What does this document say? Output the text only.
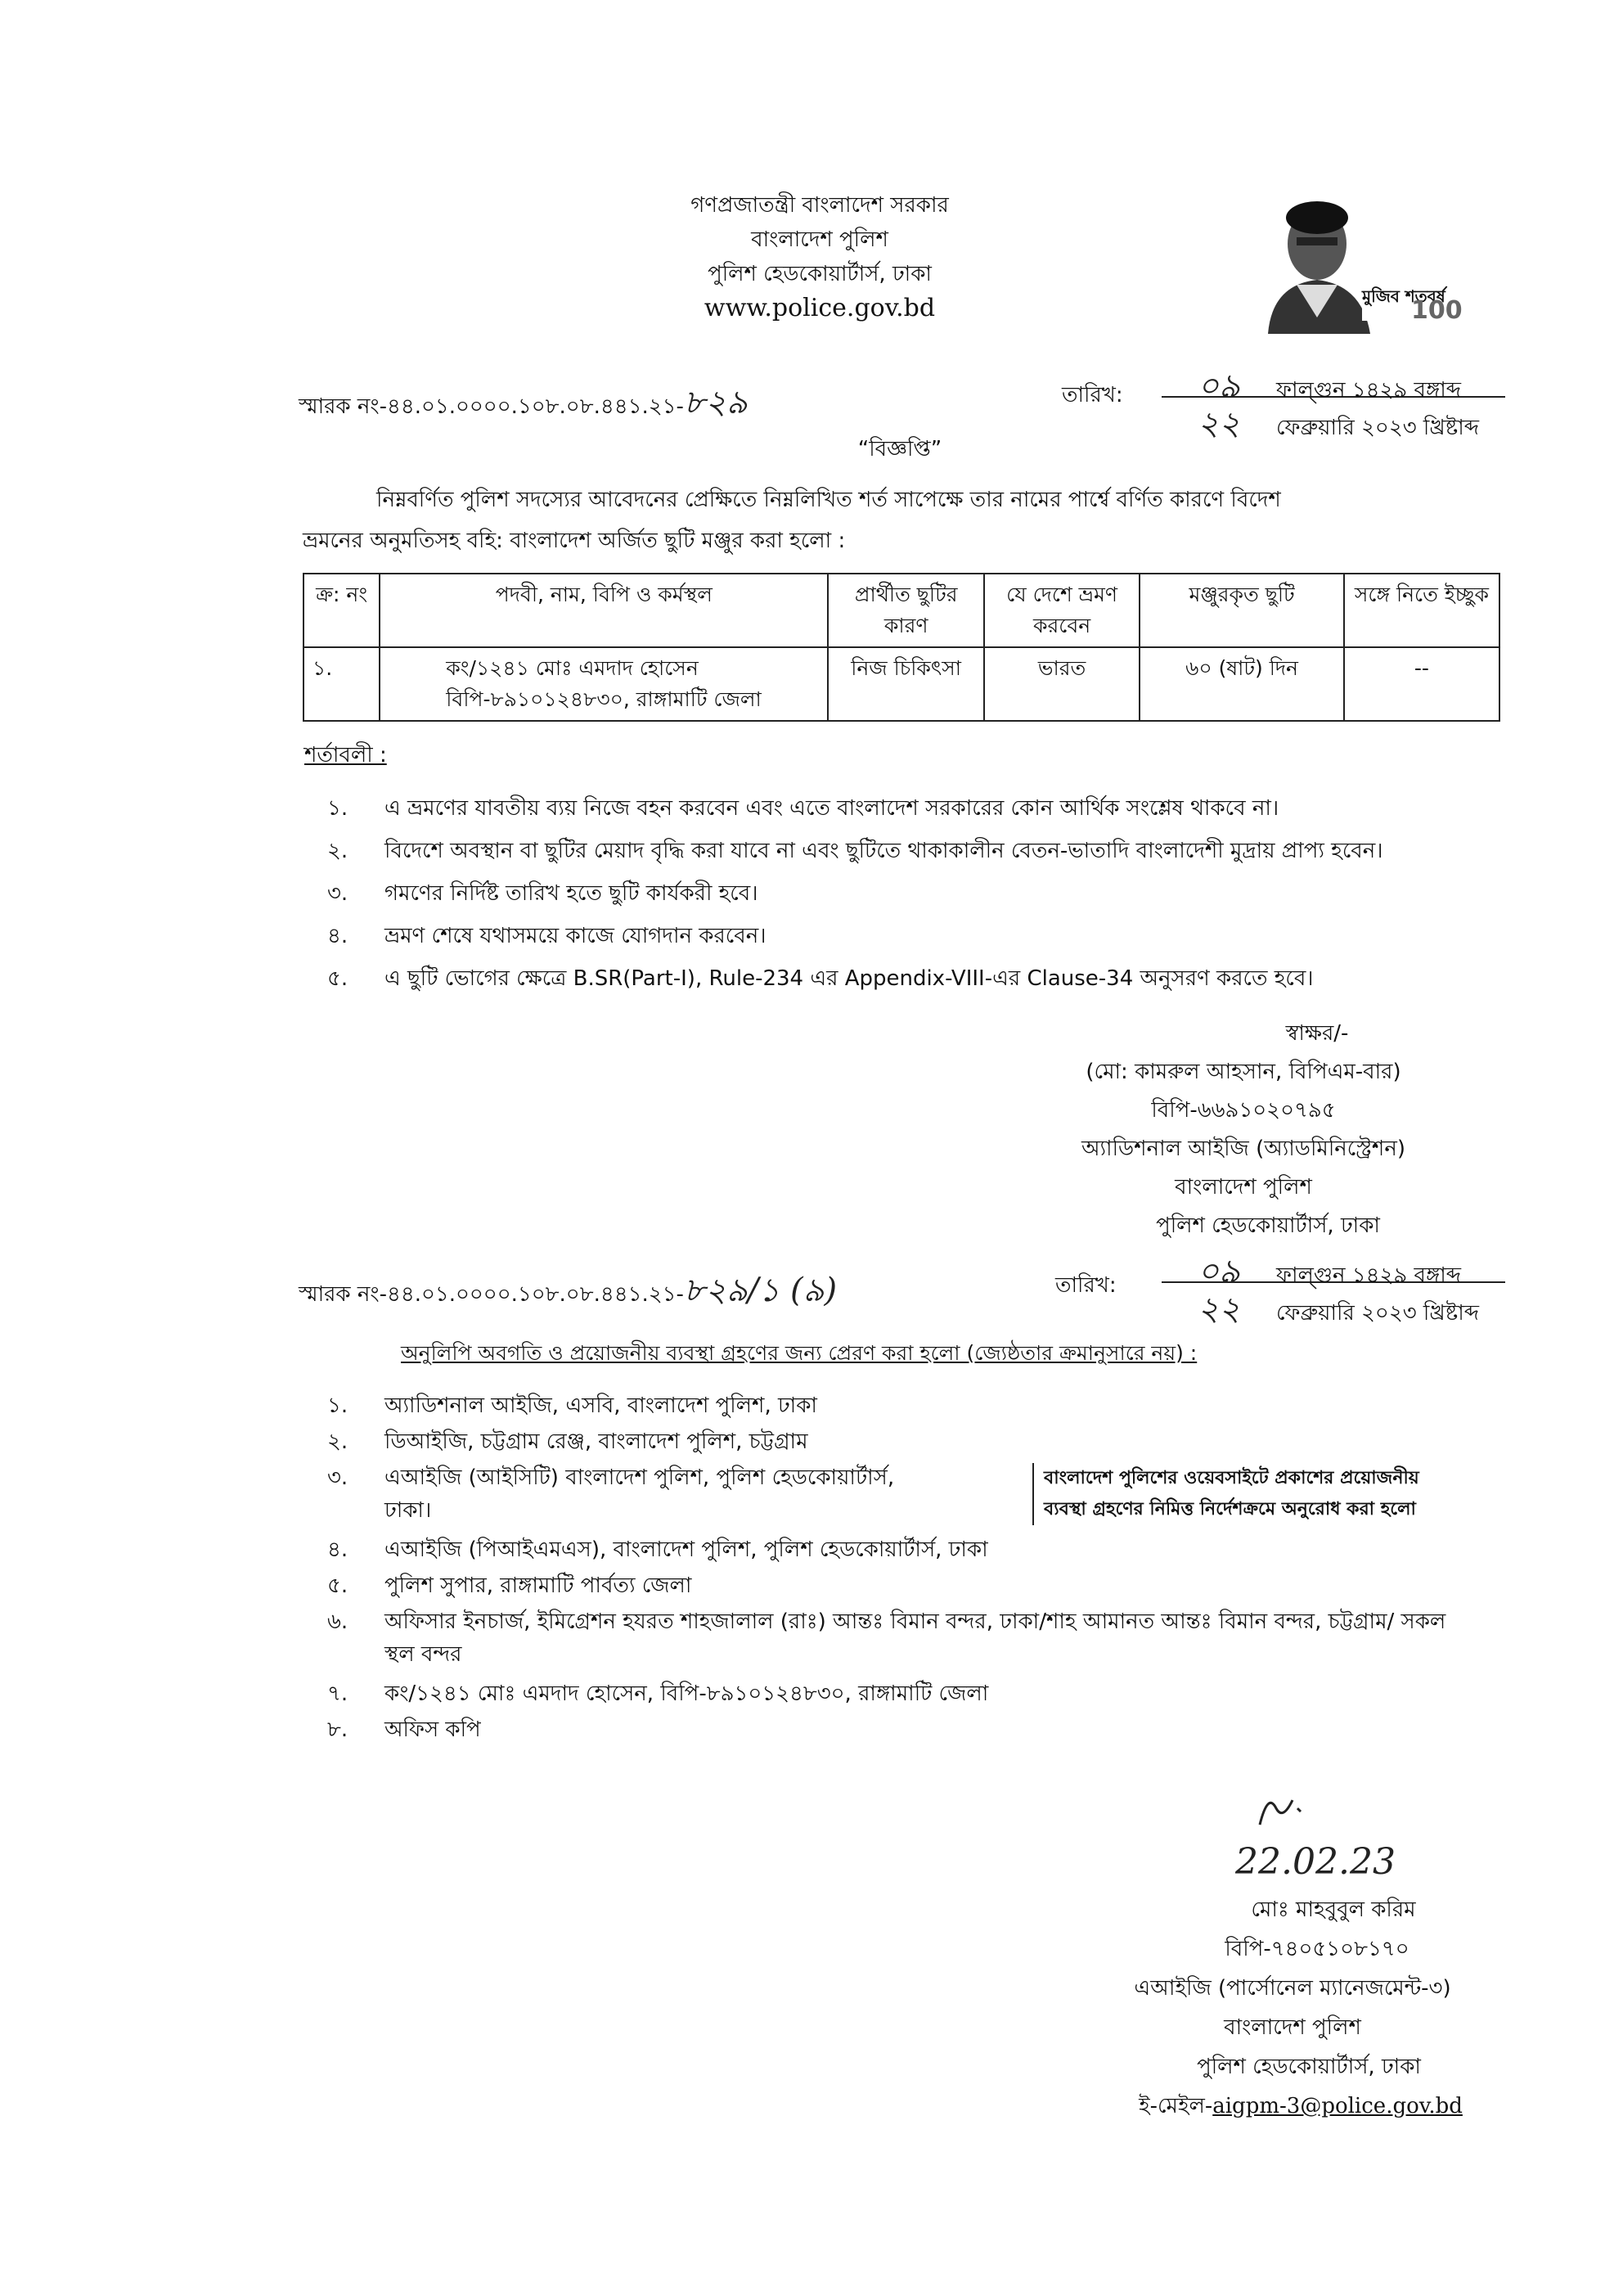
গণপ্রজাতন্ত্রী বাংলাদেশ সরকার
বাংলাদেশ পুলিশ
পুলিশ হেডকোয়ার্টার্স, ঢাকা
www.police.gov.bd	মুজিব শতবর্ষ
100
স্মারক নং-৪৪.০১.০০০০.১০৮.০৮.৪৪১.২১-৮২৯	তারিখ:	০৯ ফাল্গুন ১৪২৯ বঙ্গাব্দ
২২ ফেব্রুয়ারি ২০২৩ খ্রিষ্টাব্দ
“বিজ্ঞপ্তি”
নিম্নবর্ণিত পুলিশ সদস্যের আবেদনের প্রেক্ষিতে নিম্নলিখিত শর্ত সাপেক্ষে তার নামের পার্শ্বে বর্ণিত কারণে বিদেশ
ভ্রমনের অনুমতিসহ বহি: বাংলাদেশ অর্জিত ছুটি মঞ্জুর করা হলো :
ক্র: নং	পদবী, নাম, বিপি ও কর্মস্থল	প্রার্থীত ছুটির কারণ	যে দেশে ভ্রমণ করবেন	মঞ্জুরকৃত ছুটি	সঙ্গে নিতে ইচ্ছুক
১.	কং/১২৪১ মোঃ এমদাদ হোসেন
বিপি-৮৯১০১২৪৮৩০, রাঙ্গামাটি জেলা	নিজ চিকিৎসা	ভারত	৬০ (ষাট) দিন	--
শর্তাবলী :
১. এ ভ্রমণের যাবতীয় ব্যয় নিজে বহন করবেন এবং এতে বাংলাদেশ সরকারের কোন আর্থিক সংশ্লেষ থাকবে না।
২. বিদেশে অবস্থান বা ছুটির মেয়াদ বৃদ্ধি করা যাবে না এবং ছুটিতে থাকাকালীন বেতন-ভাতাদি বাংলাদেশী মুদ্রায় প্রাপ্য হবেন।
৩. গমণের নির্দিষ্ট তারিখ হতে ছুটি কার্যকরী হবে।
৪. ভ্রমণ শেষে যথাসময়ে কাজে যোগদান করবেন।
৫. এ ছুটি ভোগের ক্ষেত্রে B.SR(Part-I), Rule-234 এর Appendix-VIII-এর Clause-34 অনুসরণ করতে হবে।
স্বাক্ষর/-
(মো: কামরুল আহসান, বিপিএম-বার)
বিপি-৬৬৯১০২০৭৯৫
অ্যাডিশনাল আইজি (অ্যাডমিনিস্ট্রেশন)
বাংলাদেশ পুলিশ
পুলিশ হেডকোয়ার্টার্স, ঢাকা
স্মারক নং-৪৪.০১.০০০০.১০৮.০৮.৪৪১.২১-৮২৯/১ (৯)	তারিখ:	০৯ ফাল্গুন ১৪২৯ বঙ্গাব্দ
২২ ফেব্রুয়ারি ২০২৩ খ্রিষ্টাব্দ
অনুলিপি অবগতি ও প্রয়োজনীয় ব্যবস্থা গ্রহণের জন্য প্রেরণ করা হলো (জ্যেষ্ঠতার ক্রমানুসারে নয়) :
১. অ্যাডিশনাল আইজি, এসবি, বাংলাদেশ পুলিশ, ঢাকা
২. ডিআইজি, চট্টগ্রাম রেঞ্জ, বাংলাদেশ পুলিশ, চট্টগ্রাম
৩. এআইজি (আইসিটি) বাংলাদেশ পুলিশ, পুলিশ হেডকোয়ার্টার্স,
ঢাকা।
৪. এআইজি (পিআইএমএস), বাংলাদেশ পুলিশ, পুলিশ হেডকোয়ার্টার্স, ঢাকা
৫. পুলিশ সুপার, রাঙ্গামাটি পার্বত্য জেলা
৬. অফিসার ইনচার্জ, ইমিগ্রেশন হযরত শাহজালাল (রাঃ) আন্তঃ বিমান বন্দর, ঢাকা/শাহ আমানত আন্তঃ বিমান বন্দর, চট্টগ্রাম/ সকল
স্থল বন্দর
৭. কং/১২৪১ মোঃ এমদাদ হোসেন, বিপি-৮৯১০১২৪৮৩০, রাঙ্গামাটি জেলা
৮. অফিস কপি
বাংলাদেশ পুলিশের ওয়েবসাইটে প্রকাশের প্রয়োজনীয়
ব্যবস্থা গ্রহণের নিমিত্ত নির্দেশক্রমে অনুরোধ করা হলো
22.02.23
মোঃ মাহবুবুল করিম
বিপি-৭৪০৫১০৮১৭০
এআইজি (পার্সোনেল ম্যানেজমেন্ট-৩)
বাংলাদেশ পুলিশ
পুলিশ হেডকোয়ার্টার্স, ঢাকা
ই-মেইল-aigpm-3@police.gov.bd
